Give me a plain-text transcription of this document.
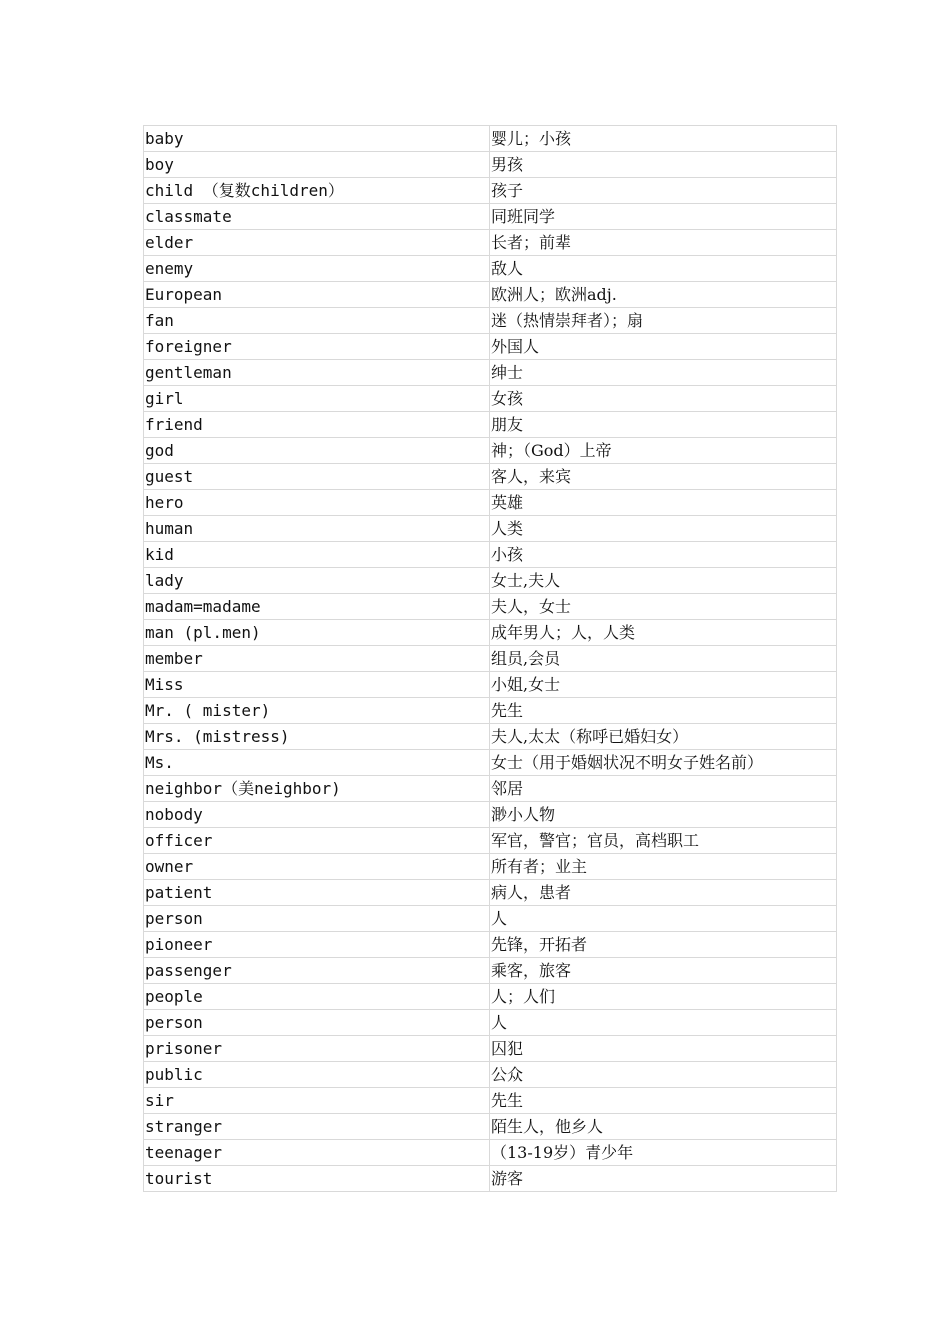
baby	婴儿；小孩
boy	男孩
child （复数children）	孩子
classmate	同班同学
elder	长者；前辈
enemy	敌人
European	欧洲人；欧洲adj.
fan	迷（热情崇拜者）；扇
foreigner	外国人
gentleman	绅士
girl	女孩
friend	朋友
god	神；（God）上帝
guest	客人，来宾
hero	英雄
human	人类
kid	小孩
lady	女士,夫人
madam=madame	夫人，女士
man (pl.men)	成年男人；人，人类
member	组员,会员
Miss	小姐,女士
Mr. ( mister)	先生
Mrs. (mistress)	夫人,太太（称呼已婚妇女）
Ms.	女士（用于婚姻状况不明女子姓名前）
neighbor（美neighbor)	邻居
nobody	渺小人物
officer	军官，警官；官员，高档职工
owner	所有者；业主
patient	病人，患者
person	人
pioneer	先锋，开拓者
passenger	乘客，旅客
people	人；人们
person	人
prisoner	囚犯
public	公众
sir	先生
stranger	陌生人，他乡人
teenager	（13-19岁）青少年
tourist	游客
